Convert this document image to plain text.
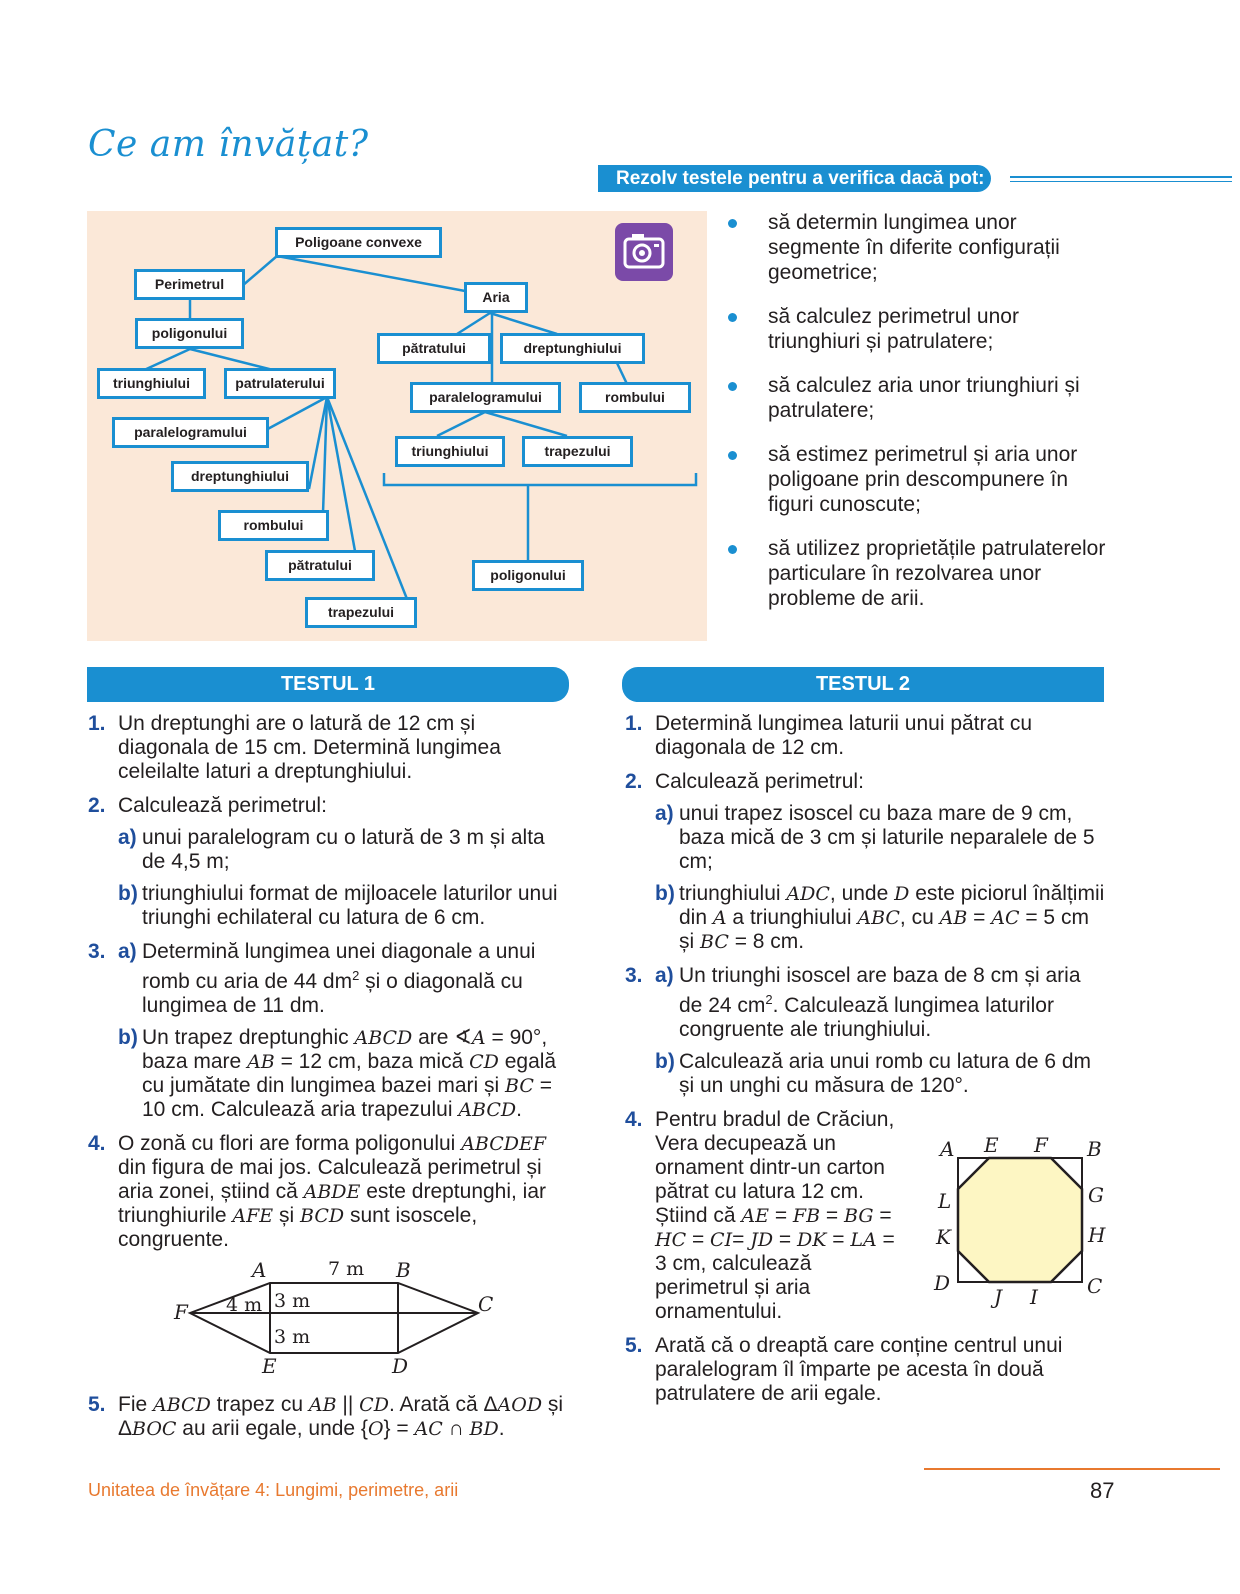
Ce am învățat?
Rezolv testele pentru a verifica dacă pot:
Poligoane convexe
Perimetrul
poligonului
triunghiului	patrulaterului
paralelogramului
dreptunghiului
rombului
pătratului
trapezului
Aria
pătratului	dreptunghiului
paralelogramului	rombului
triunghiului	trapezului
poligonului
să determin lungimea unor segmente în diferite configurații geometrice;
să calculez perimetrul unor triunghiuri și patrulatere;
să calculez aria unor triunghiuri și patrulatere;
să estimez perimetrul și aria unor poligoane prin descompunere în figuri cunoscute;
să utilizez proprietățile patrulaterelor particulare în rezolvarea unor probleme de arii.
TESTUL 1
1. Un dreptunghi are o latură de 12 cm și diagonala de 15 cm. Determină lungimea celeilalte laturi a dreptunghiului.
2. Calculează perimetrul:
a) unui paralelogram cu o latură de 3 m și alta de 4,5 m;
b) triunghiului format de mijloacele laturilor unui triunghi echilateral cu latura de 6 cm.
3. a) Determină lungimea unei diagonale a unui romb cu aria de 44 $dm^2$ și o diagonală cu lungimea de 11 dm.
b) Un trapez dreptunghic ABCD are ∢A = 90°, baza mare AB = 12 cm, baza mică CD egală cu jumătate din lungimea bazei mari și BC = 10 cm. Calculează aria trapezului ABCD.
4. O zonă cu flori are forma poligonului ABCDEF din figura de mai jos. Calculează perimetrul și aria zonei, știind că ABDE este dreptunghi, iar triunghiurile AFE și BCD sunt isoscele, congruente.
A	B
C
D
E
F
7 m
4 m 3 m
3 m
5. Fie ABCD trapez cu AB || CD. Arată că ΔAOD și ΔBOC au arii egale, unde {O} = AC ∩ BD.
TESTUL 2
1. Determină lungimea laturii unui pătrat cu diagonala de 12 cm.
2. Calculează perimetrul:
a) unui trapez isoscel cu baza mare de 9 cm, baza mică de 3 cm și laturile neparalele de 5 cm;
b) triunghiului ADC, unde D este piciorul înălțimii din A a triunghiului ABC, cu AB = AC = 5 cm și BC = 8 cm.
3. a) Un triunghi isoscel are baza de 8 cm și aria de 24 $cm^2$. Calculează lungimea laturilor congruente ale triunghiului.
b) Calculează aria unui romb cu latura de 6 dm și un unghi cu măsura de 120°.
4. Pentru bradul de Crăciun, Vera decupează un ornament dintr-un carton pătrat cu latura 12 cm. Știind că AE = FB = BG = HC = CI= JD = DK = LA = 3 cm, calculează perimetrul și aria ornamentului.
5. Arată că o dreaptă care conține centrul unui paralelogram îl împarte pe acesta în două patrulatere de arii egale.
A E F B
G
H
C
I
J
D
K
L
Unitatea de învățare 4: Lungimi, perimetre, arii	87
